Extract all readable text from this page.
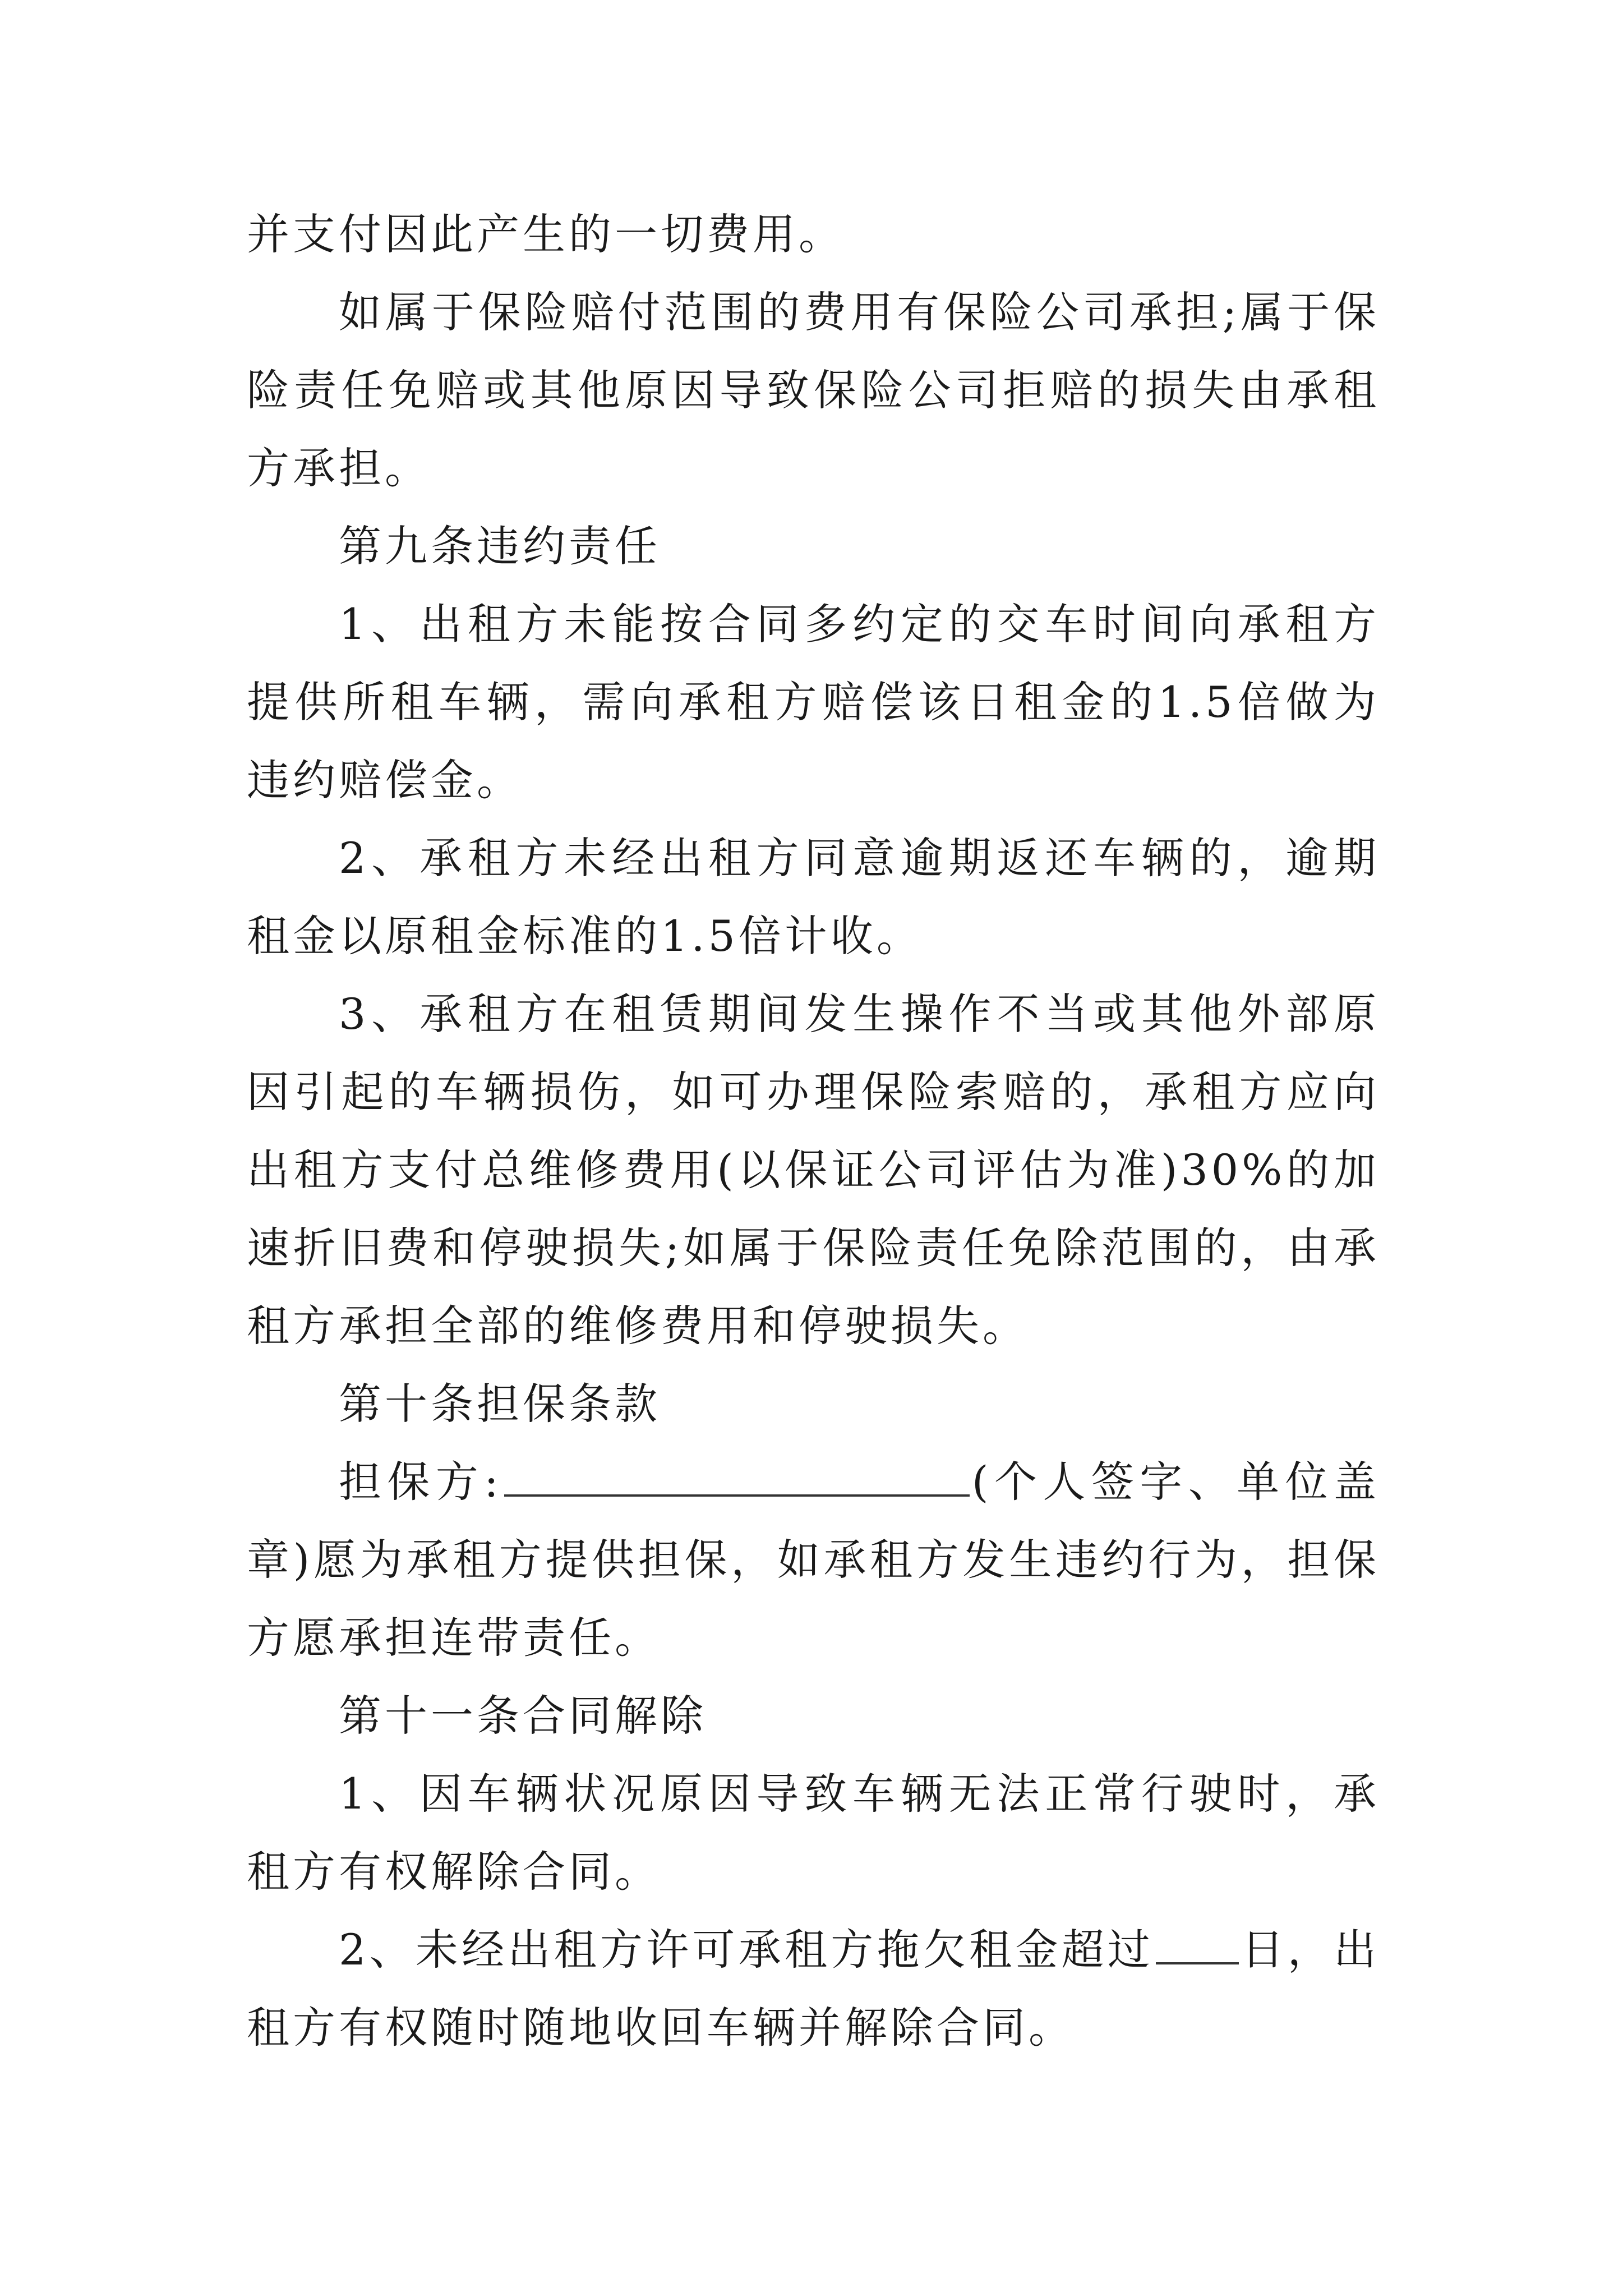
并支付因此产生的一切费用。

如属于保险赔付范围的费用有保险公司承担;属于保险责任免赔或其他原因导致保险公司拒赔的损失由承租方承担。

第九条违约责任

1、出租方未能按合同多约定的交车时间向承租方提供所租车辆，需向承租方赔偿该日租金的1.5倍做为违约赔偿金。

2、承租方未经出租方同意逾期返还车辆的，逾期租金以原租金标准的1.5倍计收。

3、承租方在租赁期间发生操作不当或其他外部原因引起的车辆损伤，如可办理保险索赔的，承租方应向出租方支付总维修费用(以保证公司评估为准)30%的加速折旧费和停驶损失;如属于保险责任免除范围的，由承租方承担全部的维修费用和停驶损失。

第十条担保条款

担保方:	(个人签字、单位盖章)愿为承租方提供担保，如承租方发生违约行为，担保方愿承担连带责任。

第十一条合同解除

1、因车辆状况原因导致车辆无法正常行驶时，承租方有权解除合同。

2、未经出租方许可承租方拖欠租金超过 日，出租方有权随时随地收回车辆并解除合同。
